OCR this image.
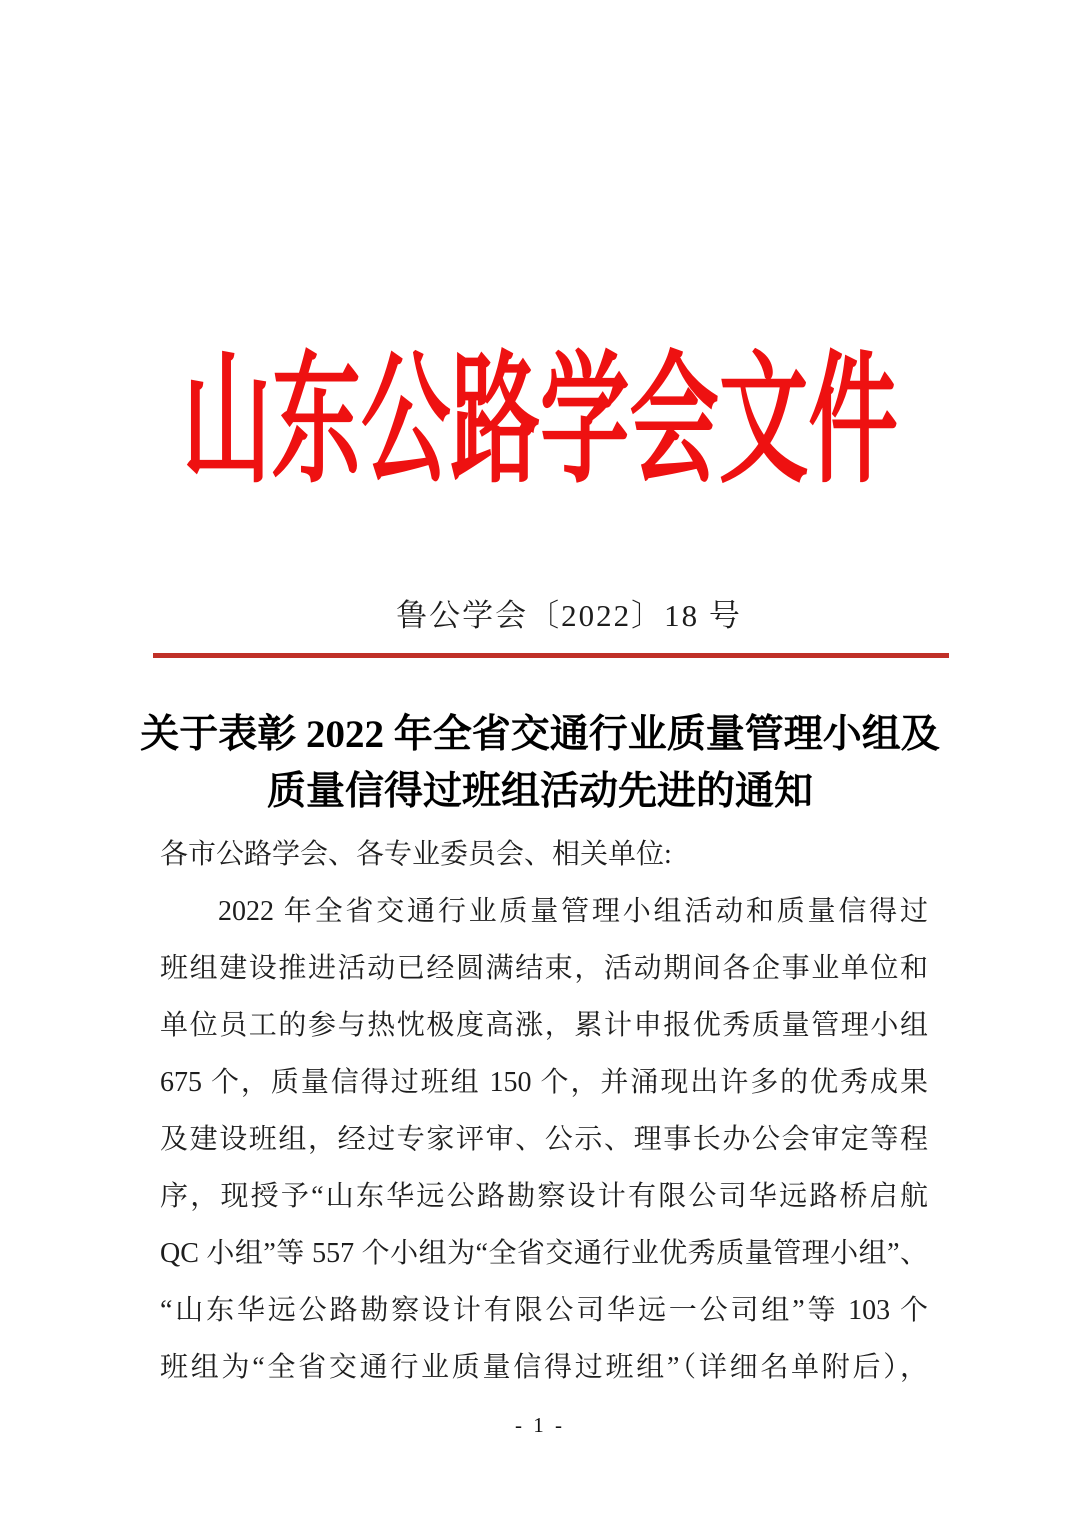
山东公路学会文件
鲁公学会〔2022〕18 号
关于表彰 2022 年全省交通行业质量管理小组及
质量信得过班组活动先进的通知
各市公路学会、各专业委员会、相关单位:
2022 年全省交通行业质量管理小组活动和质量信得过
班组建设推进活动已经圆满结束，活动期间各企事业单位和
单位员工的参与热忱极度高涨，累计申报优秀质量管理小组
675 个，质量信得过班组 150 个，并涌现出许多的优秀成果
及建设班组，经过专家评审、公示、理事长办公会审定等程
序，现授予“山东华远公路勘察设计有限公司华远路桥启航
QC 小组”等 557 个小组为“全省交通行业优秀质量管理小组”、
“山东华远公路勘察设计有限公司华远一公司组”等 103 个
班组为“全省交通行业质量信得过班组”（详细名单附后），
- 1 -
